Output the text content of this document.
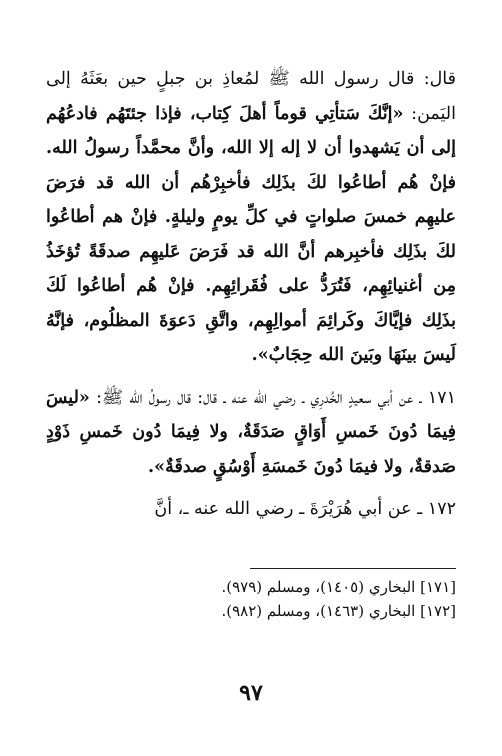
قال: قال رسول الله ﷺ لمُعاذِ بن جبلٍ حين بعَثَهُ إلى اليَمن: «إنَّكَ سَتأتِي قوماً أهلَ كِتاب، فإذا جئتَهُم فادعُهُم إلى أن يَشهدوا أن لا إله إلا الله، وأنَّ محمَّداً رسولُ الله. فإنْ هُم أطاعُوا لكَ بذَلِك فأخبِرْهُم أن الله قد فرَضَ عليهِم خمسَ صلواتٍ في كلِّ يومٍ وليلةٍ. فإنْ هم أطاعُوا لكَ بذَلِك فأخبِرهم أنَّ الله قد فَرَضَ عَليهِم صدقَةً تُؤخَذُ مِن أغنيائِهِم، فَتُرَدُّ على فُقَرائِهِم. فإنْ هُم أطاعُوا لَكَ بذَلِك فإيَّاكَ وكَرائِمَ أموالِهِم، واتَّقِ دَعوَةَ المظلُوم، فإنَّهُ لَيسَ بينَهَا وبَينَ الله حِجَابٌ».

١٧١ ـ عن أبي سعيدٍ الخُدرِي ـ رضي الله عنه ـ قال: قال رسولُ الله ﷺ: «ليسَ فِيمَا دُونَ خَمسِ أَوَاقٍ صَدَقَةٌ، ولا فِيمَا دُون خَمسِ ذَوْدٍ صَدقةٌ، ولا فيمَا دُونَ خَمسَةِ أَوْسُقٍ صدقَةٌ».

١٧٢ ـ عن أبي هُرَيْرَةَ ـ رضي الله عنه ـ، أنَّ

[١٧١] البخاري (١٤٠٥)، ومسلم (٩٧٩).

[١٧٢] البخاري (١٤٦٣)، ومسلم (٩٨٢).

٩٧
